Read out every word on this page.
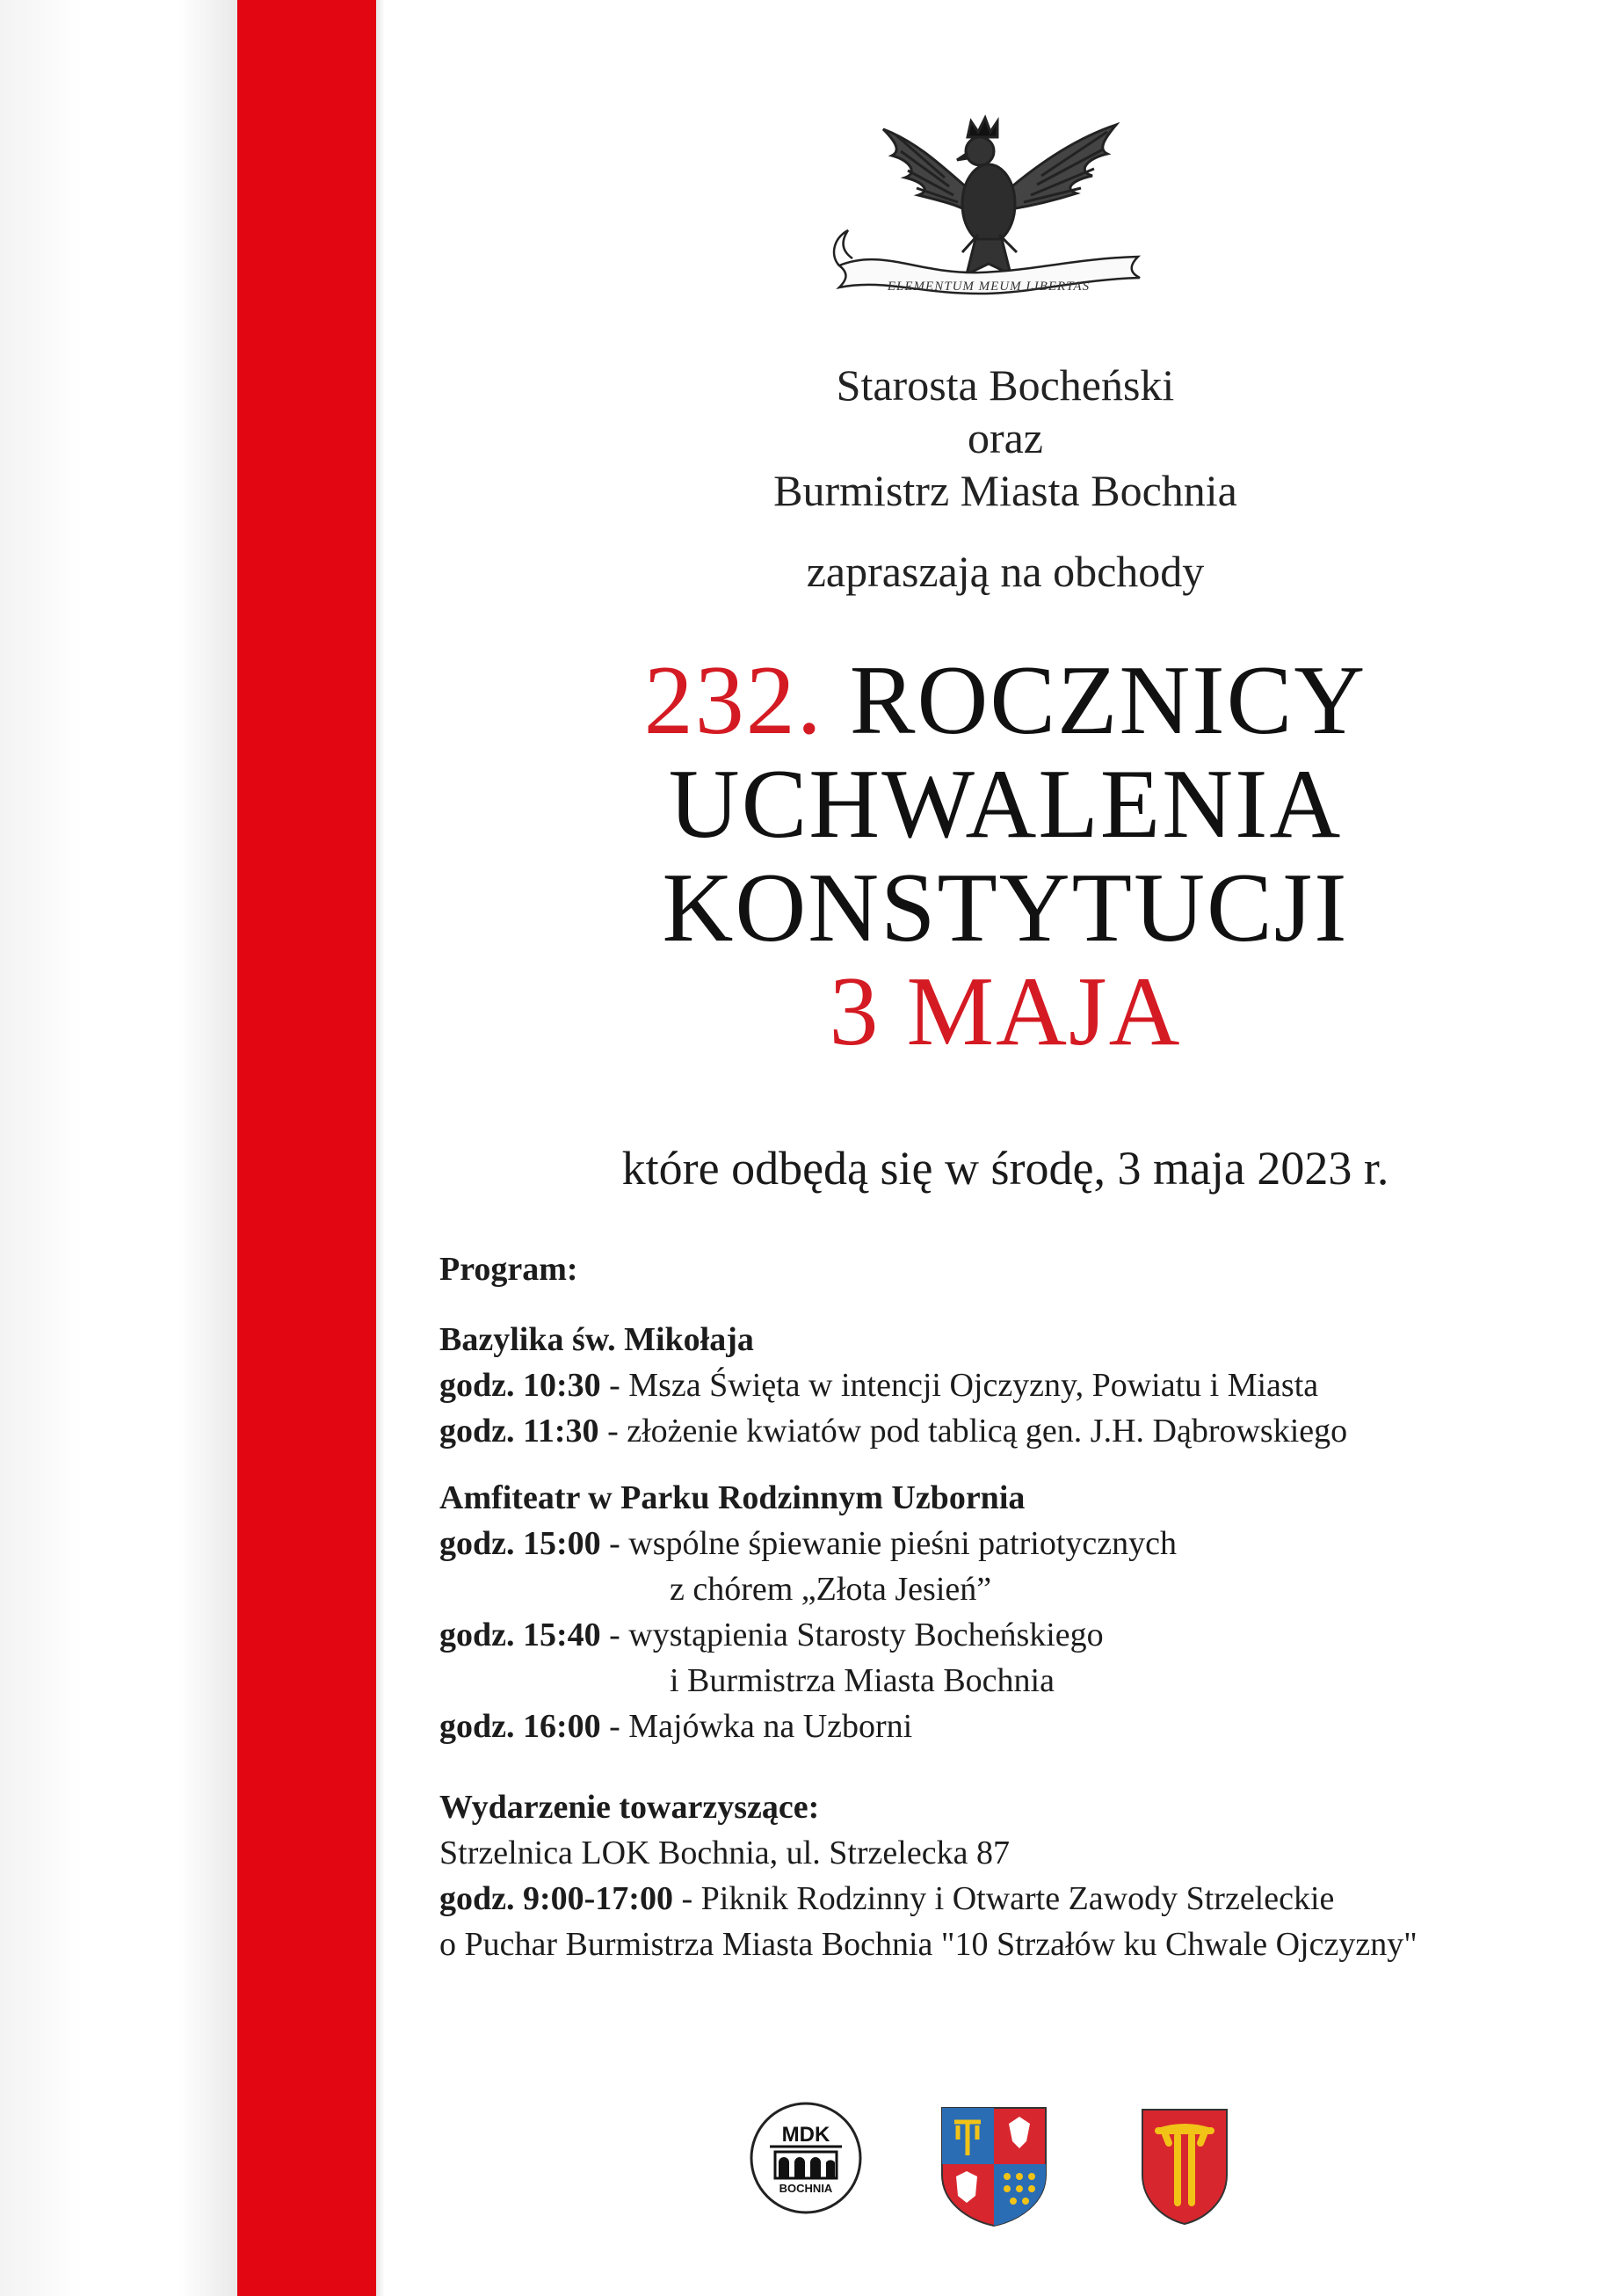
ELEMENTUM MEUM LIBERTAS
Starosta Bocheński
oraz
Burmistrz Miasta Bochnia
zapraszają na obchody
232. ROCZNICY
UCHWALENIA
KONSTYTUCJI
3 MAJA
które odbędą się w środę, 3 maja 2023 r.
Program:
Bazylika św. Mikołaja
godz. 10:30 - Msza Święta w intencji Ojczyzny, Powiatu i Miasta
godz. 11:30 - złożenie kwiatów pod tablicą gen. J.H. Dąbrowskiego
Amfiteatr w Parku Rodzinnym Uzbornia
godz. 15:00 - wspólne śpiewanie pieśni patriotycznych
z chórem „Złota Jesień”
godz. 15:40 - wystąpienia Starosty Bocheńskiego
i Burmistrza Miasta Bochnia
godz. 16:00 - Majówka na Uzborni
Wydarzenie towarzyszące:
Strzelnica LOK Bochnia, ul. Strzelecka 87
godz. 9:00-17:00 - Piknik Rodzinny i Otwarte Zawody Strzeleckie
o Puchar Burmistrza Miasta Bochnia "10 Strzałów ku Chwale Ojczyzny"
MDK
BOCHNIA
